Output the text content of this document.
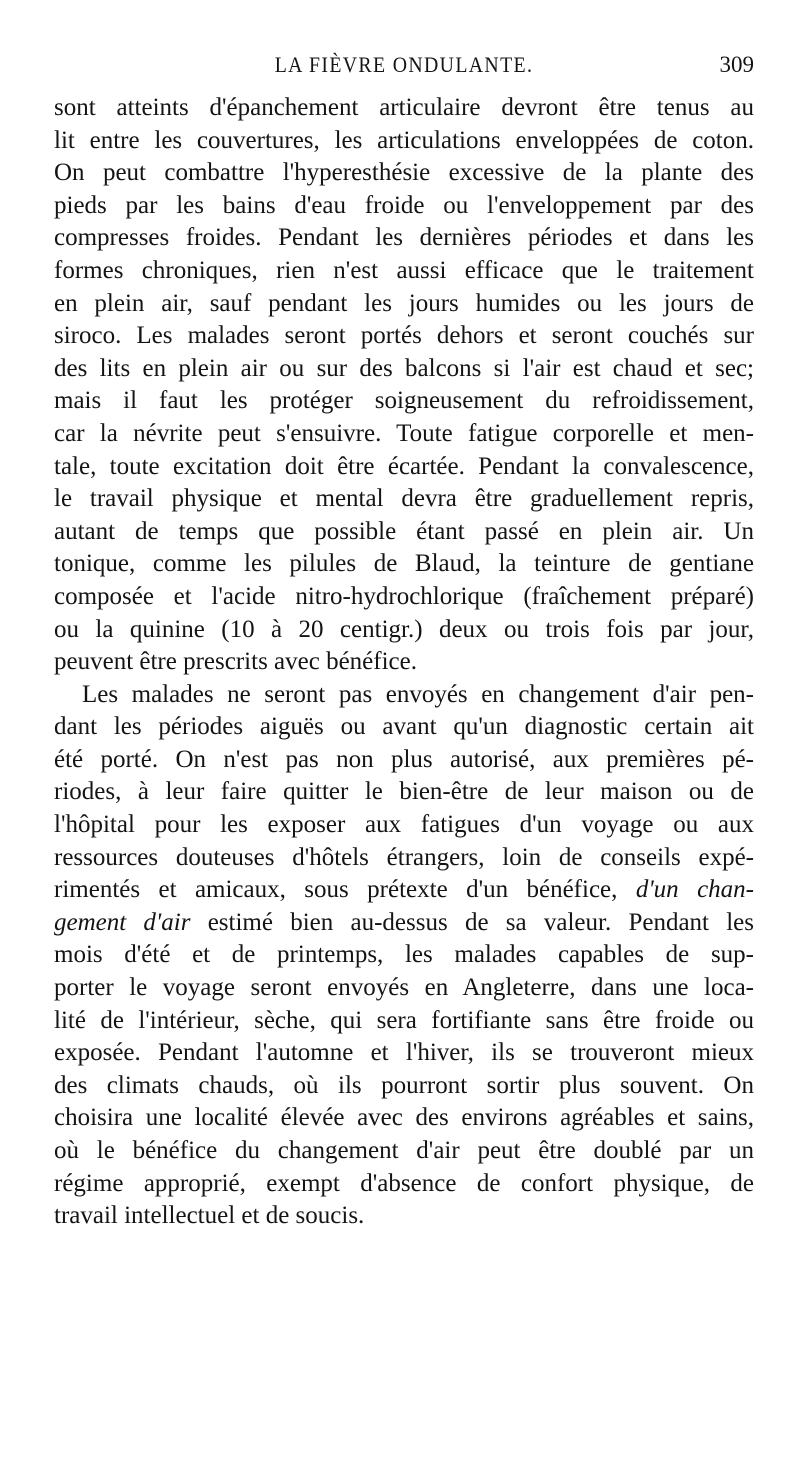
LA FIÈVRE ONDULANTE.	309

sont atteints d'épanchement articulaire devront être tenus au
lit entre les couvertures, les articulations enveloppées de coton.
On peut combattre l'hyperesthésie excessive de la plante des
pieds par les bains d'eau froide ou l'enveloppement par des
compresses froides. Pendant les dernières périodes et dans les
formes chroniques, rien n'est aussi efficace que le traitement
en plein air, sauf pendant les jours humides ou les jours de
siroco. Les malades seront portés dehors et seront couchés sur
des lits en plein air ou sur des balcons si l'air est chaud et sec;
mais il faut les protéger soigneusement du refroidissement,
car la névrite peut s'ensuivre. Toute fatigue corporelle et men-
tale, toute excitation doit être écartée. Pendant la convalescence,
le travail physique et mental devra être graduellement repris,
autant de temps que possible étant passé en plein air. Un
tonique, comme les pilules de Blaud, la teinture de gentiane
composée et l'acide nitro-hydrochlorique (fraîchement préparé)
ou la quinine (10 à 20 centigr.) deux ou trois fois par jour,
peuvent être prescrits avec bénéfice.

Les malades ne seront pas envoyés en changement d'air pen-
dant les périodes aiguës ou avant qu'un diagnostic certain ait
été porté. On n'est pas non plus autorisé, aux premières pé-
riodes, à leur faire quitter le bien-être de leur maison ou de
l'hôpital pour les exposer aux fatigues d'un voyage ou aux
ressources douteuses d'hôtels étrangers, loin de conseils expé-
rimentés et amicaux, sous prétexte d'un bénéfice, d'un chan-
gement d'air estimé bien au-dessus de sa valeur. Pendant les
mois d'été et de printemps, les malades capables de sup-
porter le voyage seront envoyés en Angleterre, dans une loca-
lité de l'intérieur, sèche, qui sera fortifiante sans être froide ou
exposée. Pendant l'automne et l'hiver, ils se trouveront mieux
des climats chauds, où ils pourront sortir plus souvent. On
choisira une localité élevée avec des environs agréables et sains,
où le bénéfice du changement d'air peut être doublé par un
régime approprié, exempt d'absence de confort physique, de
travail intellectuel et de soucis.
